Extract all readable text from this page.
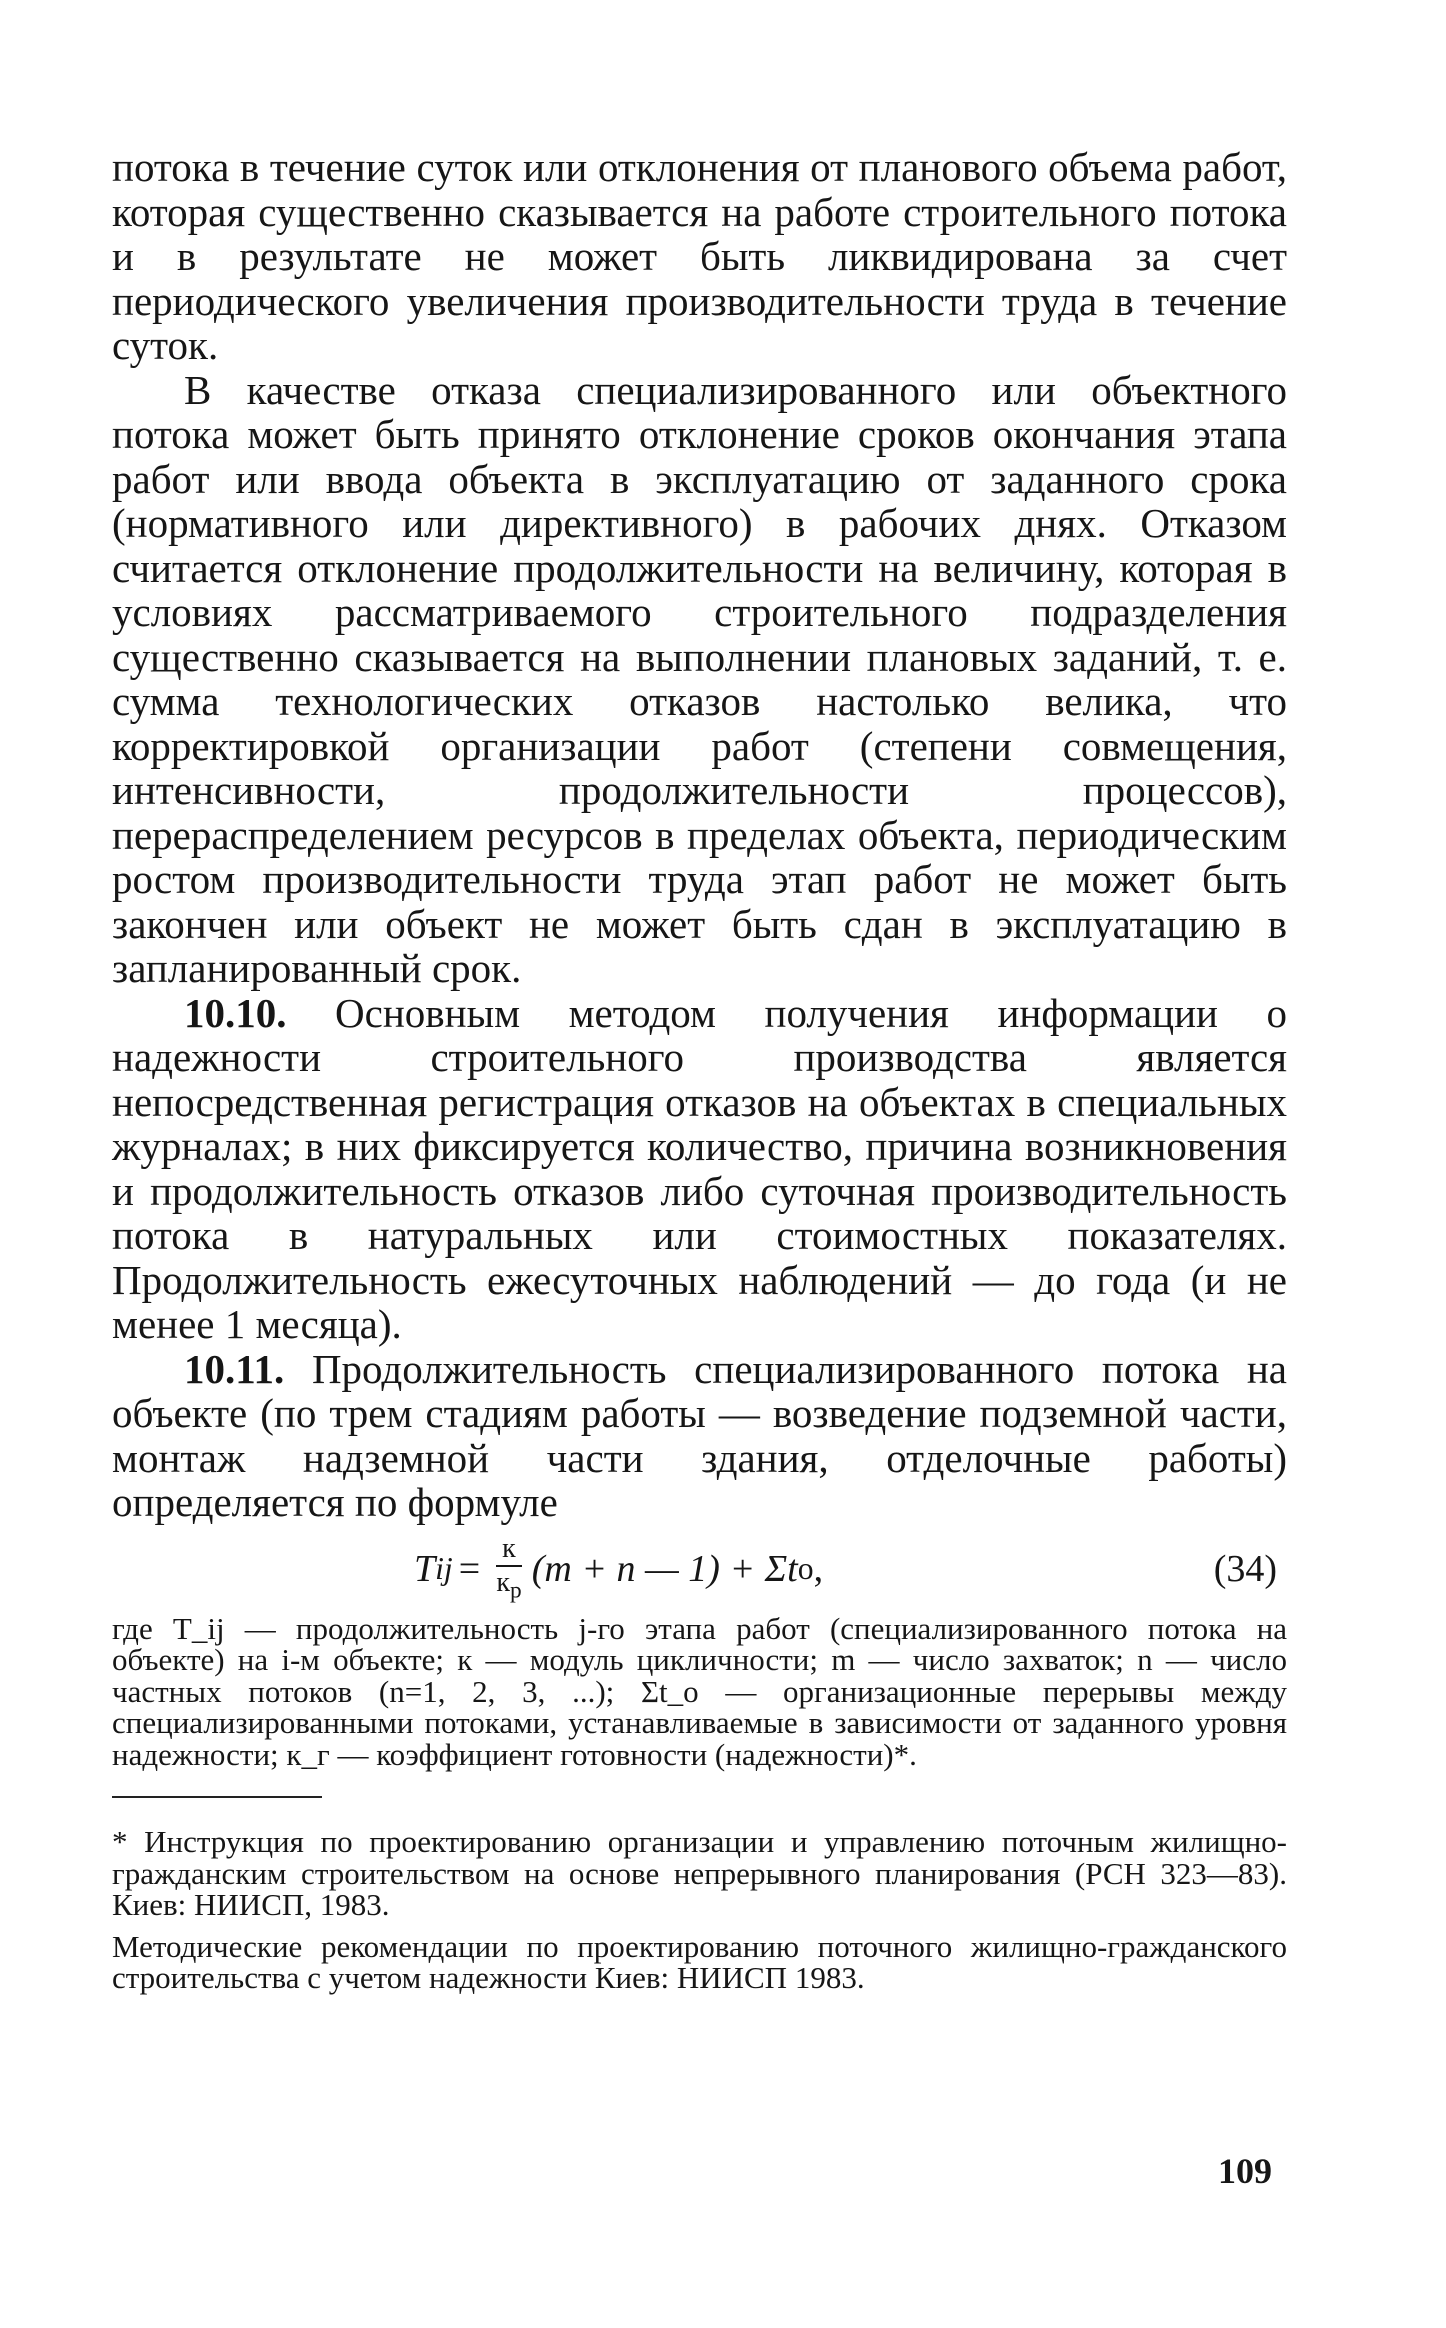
потока в течение суток или отклонения от планового объема работ, которая существенно сказывается на работе строительного потока и в результате не может быть ликвидирована за счет периодического увеличения производительности труда в течение суток.

В качестве отказа специализированного или объектного потока может быть принято отклонение сроков окончания этапа работ или ввода объекта в эксплуатацию от заданного срока (нормативного или директивного) в рабочих днях. Отказом считается отклонение продолжительности на величину, которая в условиях рассматриваемого строительного подразделения существенно сказывается на выполнении плановых заданий, т. е. сумма технологических отказов настолько велика, что корректировкой организации работ (степени совмещения, интенсивности, продолжительности процессов), перераспределением ресурсов в пределах объекта, периодическим ростом производительности труда этап работ не может быть закончен или объект не может быть сдан в эксплуатацию в запланированный срок.

10.10. Основным методом получения информации о надежности строительного производства является непосредственная регистрация отказов на объектах в специальных журналах; в них фиксируется количество, причина возникновения и продолжительность отказов либо суточная производительность потока в натуральных или стоимостных показателях. Продолжительность ежесуточных наблюдений — до года (и не менее 1 месяца).

10.11. Продолжительность специализированного потока на объекте (по трем стадиям работы — возведение подземной части, монтаж надземной части здания, отделочные работы) определяется по формуле

T ij = $\frac{к}{к_р} (m + n$ — 1) + Σt о ,	(34)

где T_ij — продолжительность j-го этапа работ (специализированного потока на объекте) на i-м объекте; к — модуль цикличности; m — число захваток; n — число частных потоков (n=1, 2, 3, ...); Σt_о — организационные перерывы между специализированными потоками, устанавливаемые в зависимости от заданного уровня надежности; к_г — коэффициент готовности (надежности)*.

* Инструкция по проектированию организации и управлению поточным жилищно-гражданским строительством на основе непрерывного планирования (РСН 323—83). Киев: НИИСП, 1983.

Методические рекомендации по проектированию поточного жилищно-гражданского строительства с учетом надежности Киев: НИИСП 1983.

109
